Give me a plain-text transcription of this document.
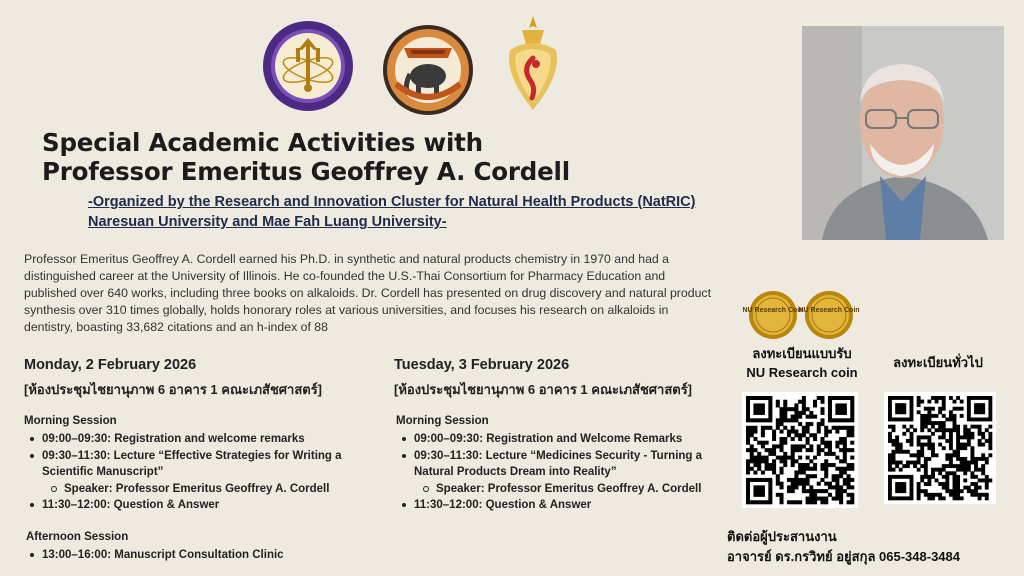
Special Academic Activities with
Professor Emeritus Geoffrey A. Cordell
-Organized by the Research and Innovation Cluster for Natural Health Products (NatRIC)
Naresuan University and Mae Fah Luang University-
Professor Emeritus Geoffrey A. Cordell earned his Ph.D. in synthetic and natural products chemistry in 1970 and had a distinguished career at the University of Illinois. He co-founded the U.S.-Thai Consortium for Pharmacy Education and published over 640 works, including three books on alkaloids. Dr. Cordell has presented on drug discovery and natural product synthesis over 310 times globally, holds honorary roles at various universities, and focuses his research on alkaloids in dentistry, boasting 33,682 citations and an h-index of 88
Monday, 2 February 2026
[ห้องประชุมไชยานุภาพ 6 อาคาร 1 คณะเภสัชศาสตร์]
Morning Session
09:00–09:30: Registration and welcome remarks
09:30–11:30: Lecture “Effective Strategies for Writing a Scientific Manuscript”
Speaker: Professor Emeritus Geoffrey A. Cordell
11:30–12:00: Question & Answer
Afternoon Session
13:00–16:00: Manuscript Consultation Clinic
Tuesday, 3 February 2026
[ห้องประชุมไชยานุภาพ 6 อาคาร 1 คณะเภสัชศาสตร์]
Morning Session
09:00–09:30: Registration and Welcome Remarks
09:30–11:30: Lecture “Medicines Security - Turning a Natural Products Dream into Reality”
Speaker: Professor Emeritus Geoffrey A. Cordell
11:30–12:00: Question & Answer
NU Research Coin
NU Research Coin
ลงทะเบียนแบบรับ
NU Research coin
ลงทะเบียนทั่วไป
ติดต่อผู้ประสานงาน
อาจารย์ ดร.กรวิทย์ อยู่สกุล 065-348-3484
